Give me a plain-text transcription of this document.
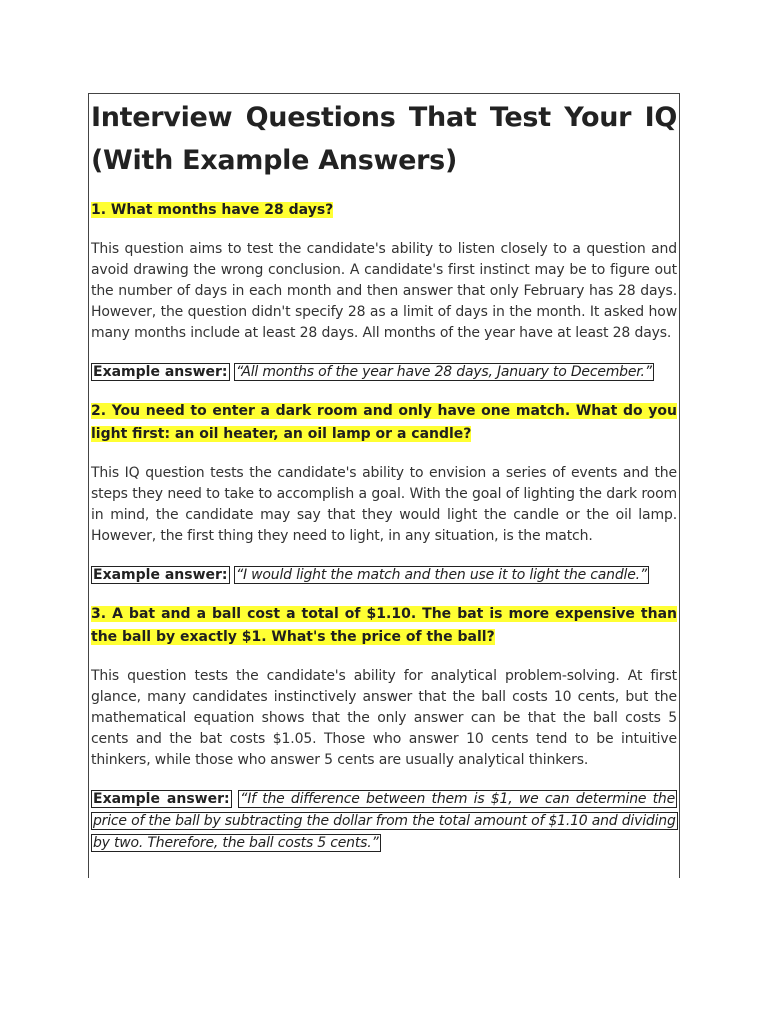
Interview Questions That Test Your IQ (With Example Answers)
1. What months have 28 days?
This question aims to test the candidate's ability to listen closely to a question and avoid drawing the wrong conclusion. A candidate's first instinct may be to figure out the number of days in each month and then answer that only February has 28 days. However, the question didn't specify 28 as a limit of days in the month. It asked how many months include at least 28 days. All months of the year have at least 28 days.
Example answer: “All months of the year have 28 days, January to December.”
2. You need to enter a dark room and only have one match. What do you light first: an oil heater, an oil lamp or a candle?
This IQ question tests the candidate's ability to envision a series of events and the steps they need to take to accomplish a goal. With the goal of lighting the dark room in mind, the candidate may say that they would light the candle or the oil lamp. However, the first thing they need to light, in any situation, is the match.
Example answer: “I would light the match and then use it to light the candle.”
3. A bat and a ball cost a total of $1.10. The bat is more expensive than the ball by exactly $1. What's the price of the ball?
This question tests the candidate's ability for analytical problem-solving. At first glance, many candidates instinctively answer that the ball costs 10 cents, but the mathematical equation shows that the only answer can be that the ball costs 5 cents and the bat costs $1.05. Those who answer 10 cents tend to be intuitive thinkers, while those who answer 5 cents are usually analytical thinkers.
Example answer: “If the difference between them is $1, we can determine the price of the ball by subtracting the dollar from the total amount of $1.10 and dividing by two. Therefore, the ball costs 5 cents.”
